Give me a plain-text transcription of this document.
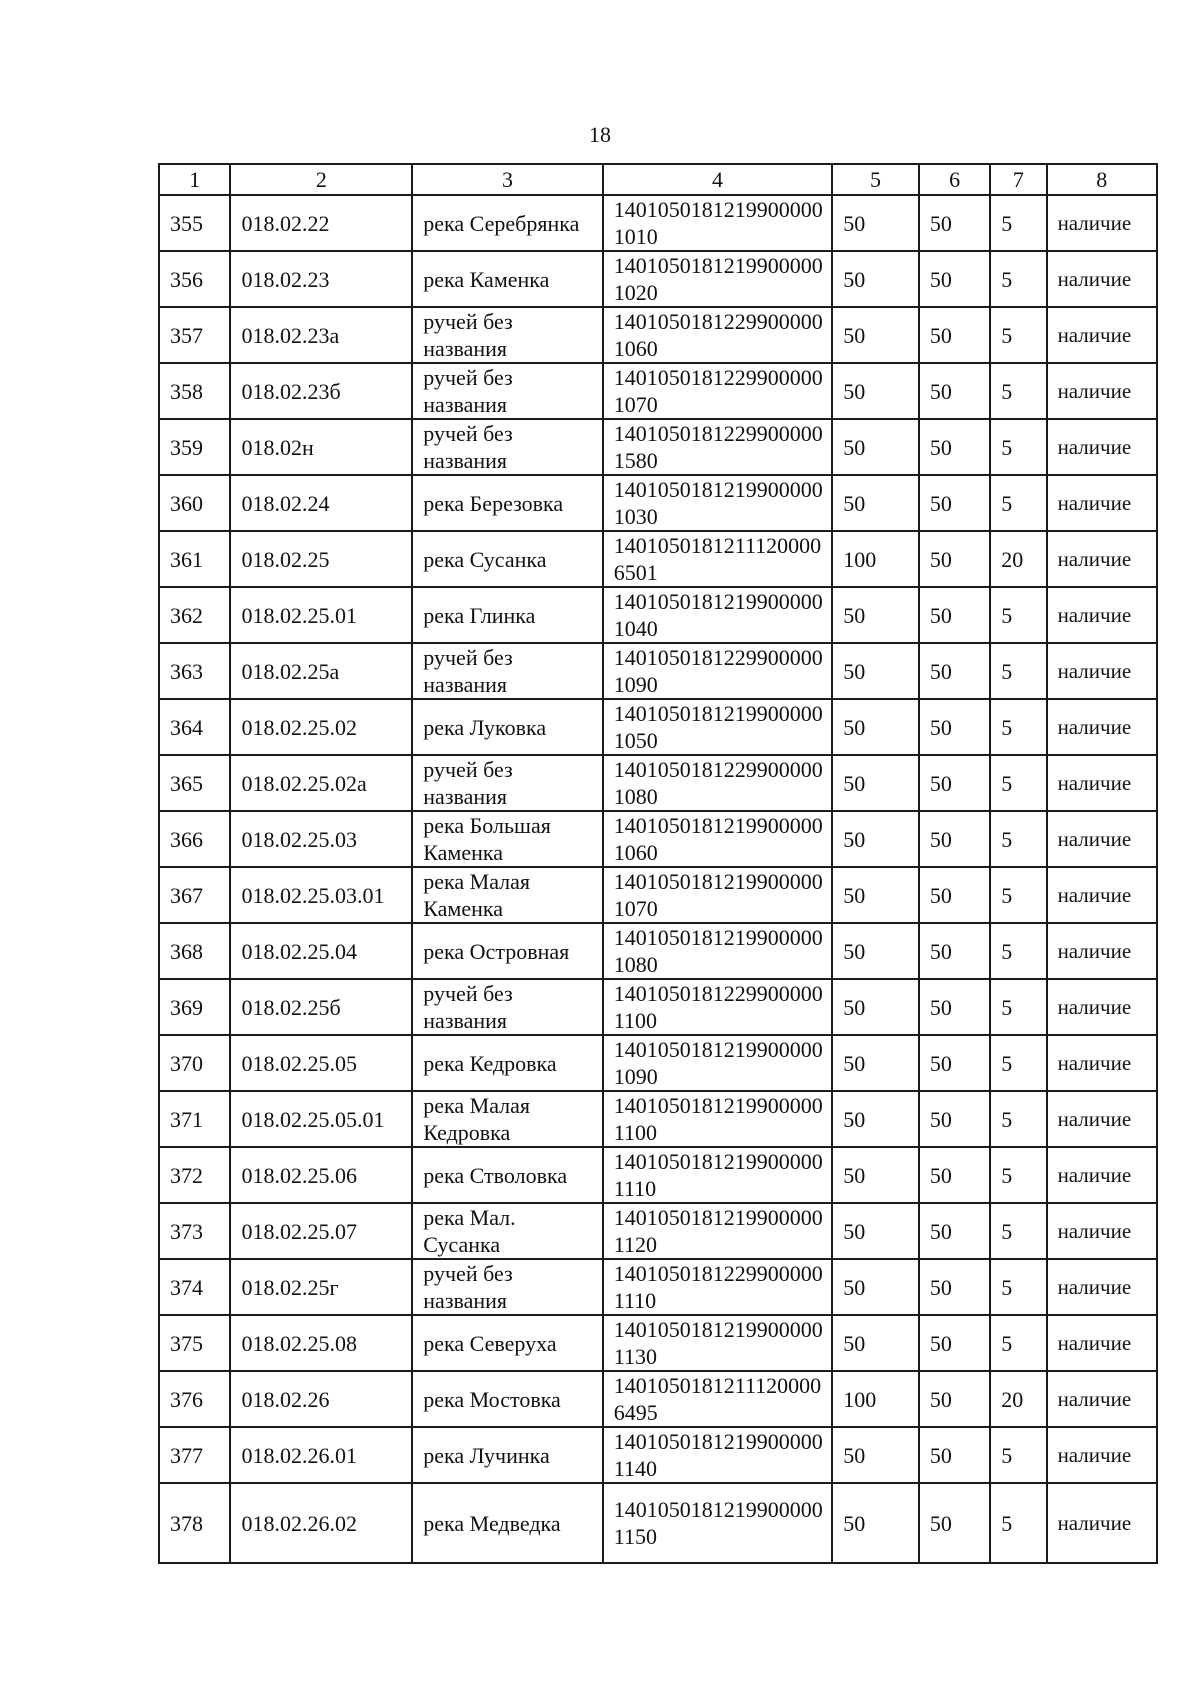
18
1	2	3	4	5	6	7	8
355	018.02.22	река Серебрянка	14010501812199000001010	50	50	5	наличие
356	018.02.23	река Каменка	14010501812199000001020	50	50	5	наличие
357	018.02.23а	ручей без названия	14010501812299000001060	50	50	5	наличие
358	018.02.23б	ручей без названия	14010501812299000001070	50	50	5	наличие
359	018.02н	ручей без названия	14010501812299000001580	50	50	5	наличие
360	018.02.24	река Березовка	14010501812199000001030	50	50	5	наличие
361	018.02.25	река Сусанка	14010501812111200006501	100	50	20	наличие
362	018.02.25.01	река Глинка	14010501812199000001040	50	50	5	наличие
363	018.02.25а	ручей без названия	14010501812299000001090	50	50	5	наличие
364	018.02.25.02	река Луковка	14010501812199000001050	50	50	5	наличие
365	018.02.25.02а	ручей без названия	14010501812299000001080	50	50	5	наличие
366	018.02.25.03	река Большая Каменка	14010501812199000001060	50	50	5	наличие
367	018.02.25.03.01	река Малая Каменка	14010501812199000001070	50	50	5	наличие
368	018.02.25.04	река Островная	14010501812199000001080	50	50	5	наличие
369	018.02.25б	ручей без названия	14010501812299000001100	50	50	5	наличие
370	018.02.25.05	река Кедровка	14010501812199000001090	50	50	5	наличие
371	018.02.25.05.01	река Малая Кедровка	14010501812199000001100	50	50	5	наличие
372	018.02.25.06	река Стволовка	14010501812199000001110	50	50	5	наличие
373	018.02.25.07	река Мал. Сусанка	14010501812199000001120	50	50	5	наличие
374	018.02.25г	ручей без названия	14010501812299000001110	50	50	5	наличие
375	018.02.25.08	река Северуха	14010501812199000001130	50	50	5	наличие
376	018.02.26	река Мостовка	14010501812111200006495	100	50	20	наличие
377	018.02.26.01	река Лучинка	14010501812199000001140	50	50	5	наличие
378	018.02.26.02	река Медведка	14010501812199000001150	50	50	5	наличие
